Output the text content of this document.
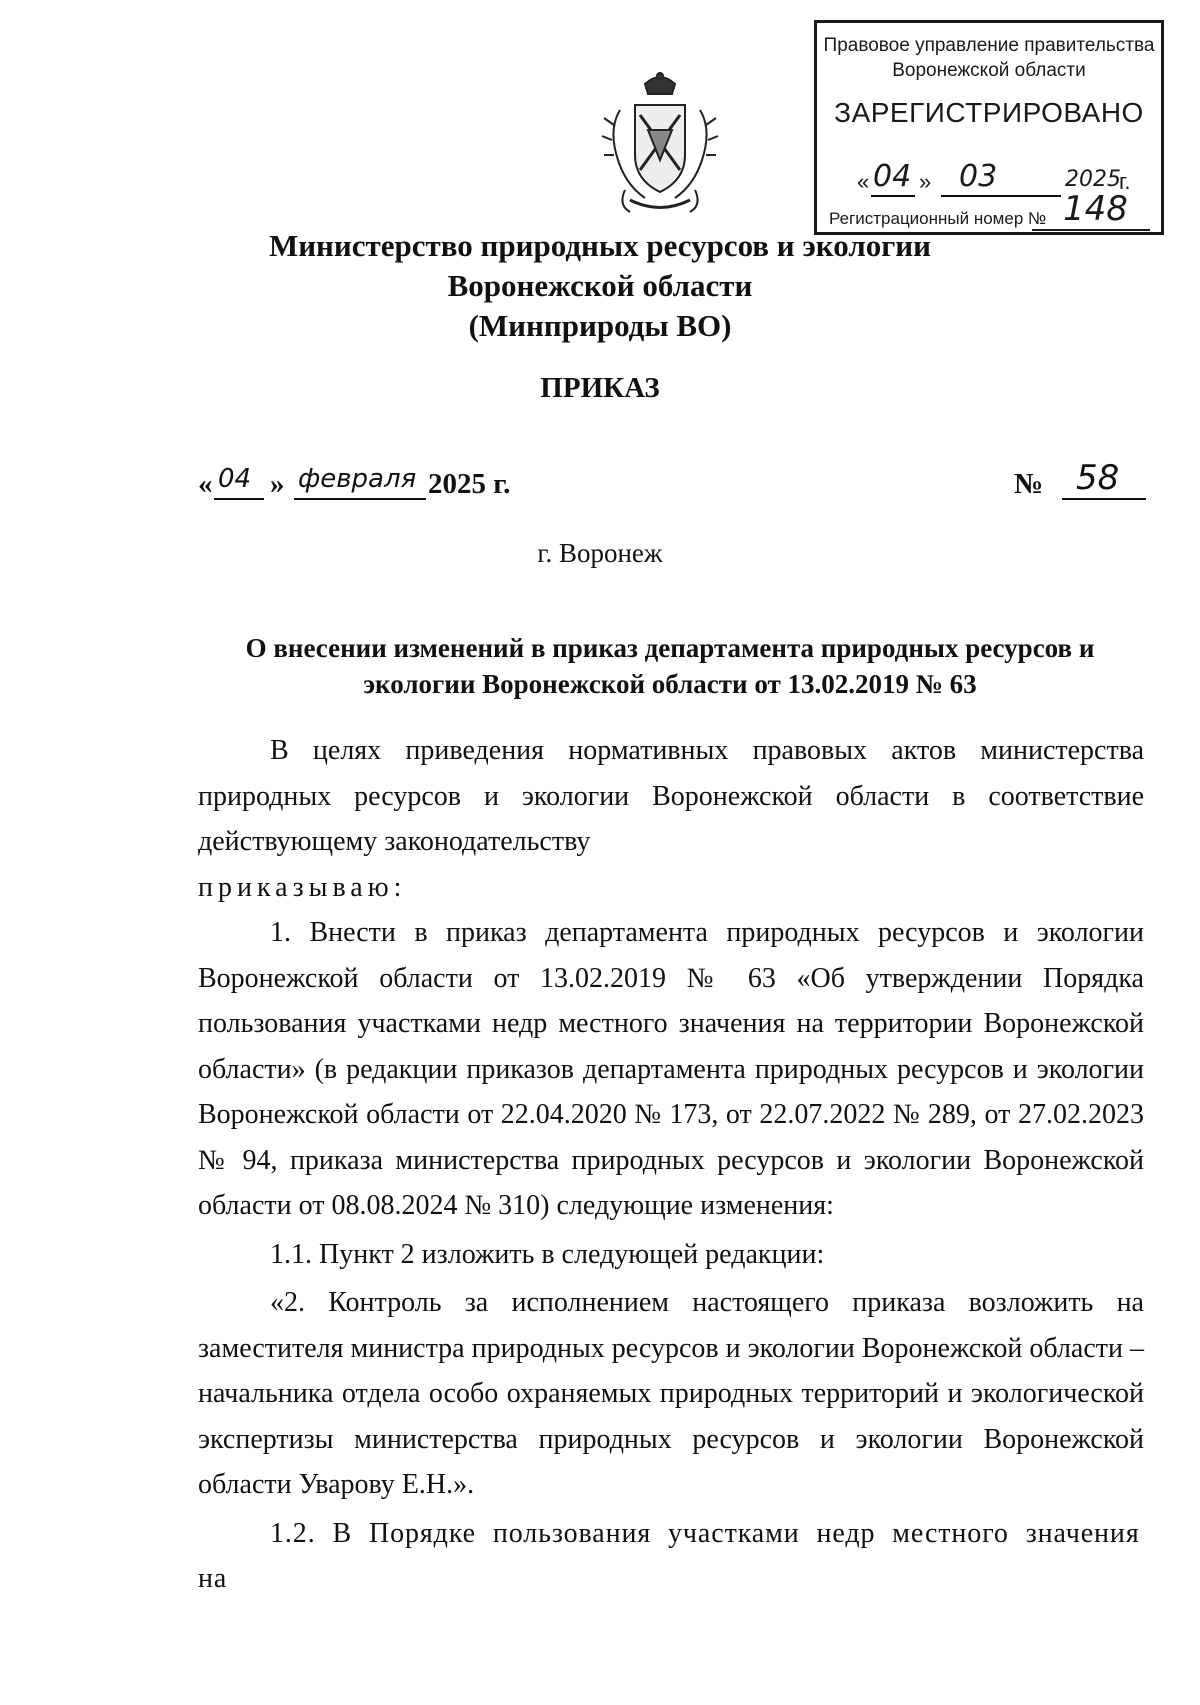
Правовое управление правительства
Воронежской области
ЗАРЕГИСТРИРОВАНО
« 04 » 03	2025
г.
Регистрационный номер № 148
Министерство природных ресурсов и экологии
Воронежской области
(Минприроды ВО)
ПРИКАЗ
« 04 » февраля 2025 г.	№ 58
г. Воронеж
О внесении изменений в приказ департамента природных ресурсов и
экологии Воронежской области от 13.02.2019 № 63

В целях приведения нормативных правовых актов министерства природных ресурсов и экологии Воронежской области в соответствие действующему законодательству

приказываю:

1. Внести в приказ департамента природных ресурсов и экологии Воронежской области от 13.02.2019 № 63 «Об утверждении Порядка пользования участками недр местного значения на территории Воронежской области» (в редакции приказов департамента природных ресурсов и экологии Воронежской области от 22.04.2020 № 173, от 22.07.2022 № 289, от 27.02.2023 № 94, приказа министерства природных ресурсов и экологии Воронежской области от 08.08.2024 № 310) следующие изменения:

1.1. Пункт 2 изложить в следующей редакции:

«2. Контроль за исполнением настоящего приказа возложить на заместителя министра природных ресурсов и экологии Воронежской области – начальника отдела особо охраняемых природных территорий и экологической экспертизы министерства природных ресурсов и экологии Воронежской области Уварову Е.Н.».

1.2. В Порядке пользования участками недр местного значения на
